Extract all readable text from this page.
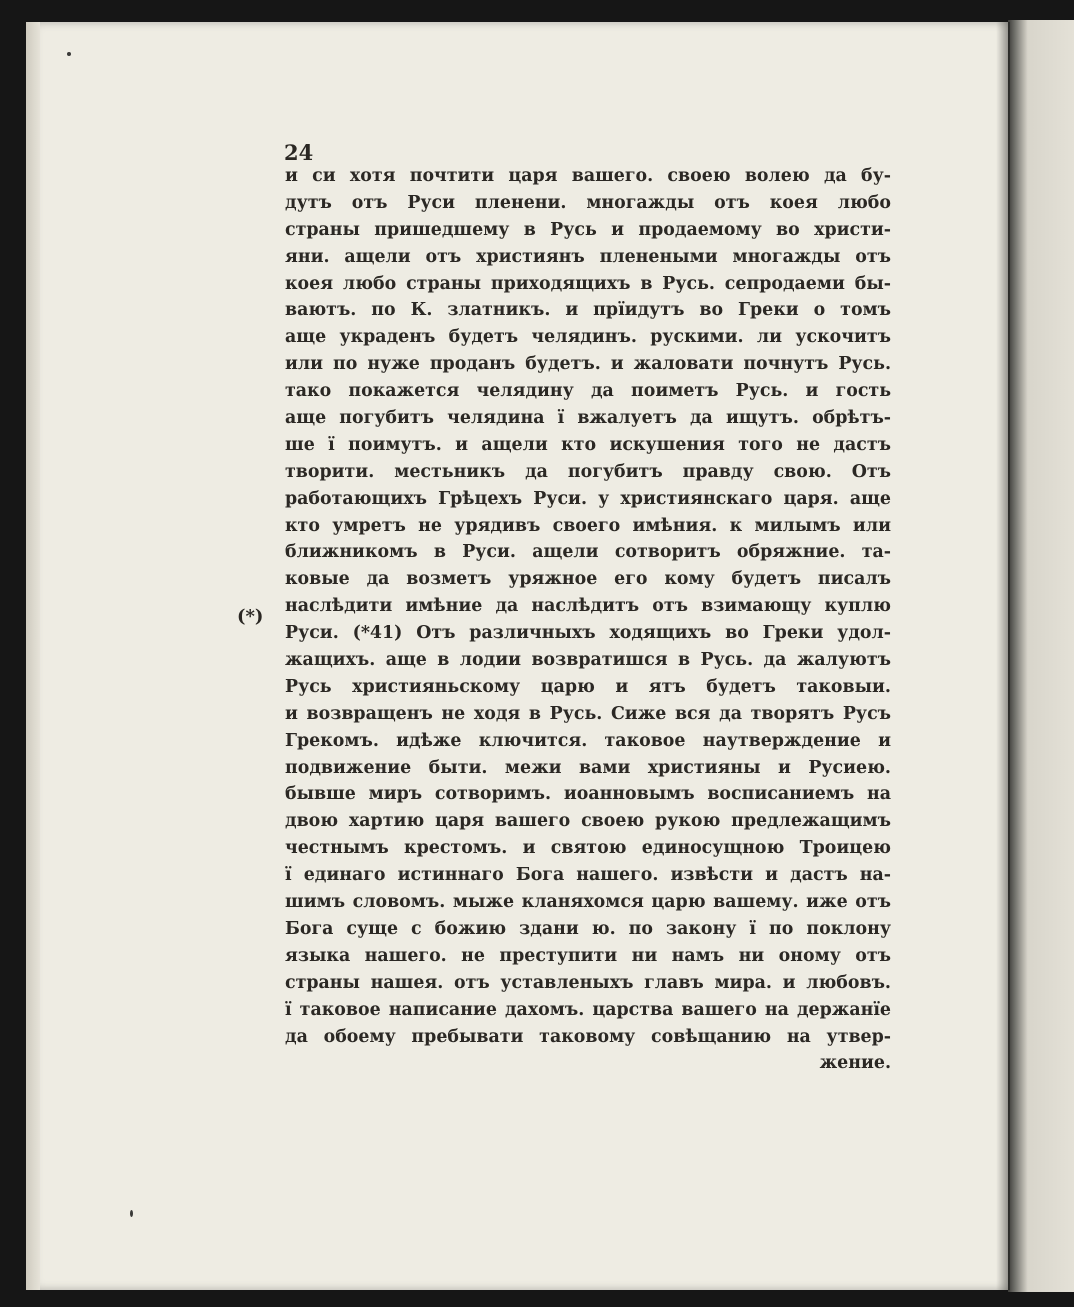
24

(*)

и си хотя почтити царя вашего. своею волею да бу-
дутъ отъ Руси пленени. многажды отъ коея любо
страны пришедшему в Русь и продаемому во христи-
яни. ащели отъ християнъ пленеными многажды отъ
коея любо страны приходящихъ в Русь. сепродаеми бы-
ваютъ. по К. златникъ. и прїидутъ во Греки о томъ
аще украденъ будетъ челядинъ. рускими. ли ускочитъ
или по нуже проданъ будетъ. и жаловати почнутъ Русь.
тако покажется челядину да поиметъ Русь. и гость
аще погубитъ челядина ї вжалуетъ да ищутъ. обрѣтъ-
ше ї поимутъ. и ащели кто искушения того не дастъ
творити. местьникъ да погубитъ правду свою. Отъ
работающихъ Грѣцехъ Руси. у християнскаго царя. аще
кто умретъ не урядивъ своего имѣния. к милымъ или
ближникомъ в Руси. ащели сотворитъ обряжние. та-
ковые да возметъ уряжное его кому будетъ писалъ
наслѣдити имѣние да наслѣдитъ отъ взимающу куплю
Руси. (*41) Отъ различныхъ ходящихъ во Греки удол-
жащихъ. аще в лодии возвратишся в Русь. да жалуютъ
Русь християньскому царю и ятъ будетъ таковыи.
и возвращенъ не ходя в Русь. Сиже вся да творятъ Русъ
Грекомъ. идѣже ключится. таковое наутверждение и
подвижение быти. межи вами християны и Русиею.
бывше миръ сотворимъ. иоанновымъ восписаниемъ на
двою хартию царя вашего своею рукою предлежащимъ
честнымъ крестомъ. и святою единосущною Троицею
ї единаго истиннаго Бога нашего. извѣсти и дастъ на-
шимъ словомъ. мыже кланяхомся царю вашему. иже отъ
Бога суще с божию здани ю. по закону ї по поклону
языка нашего. не преступити ни намъ ни оному отъ
страны нашея. отъ уставленыхъ главъ мира. и любовъ.
ї таковое написание дахомъ. царства вашего на держанїе
да обоему пребывати таковому совѣщанию на утвер-
жение.
